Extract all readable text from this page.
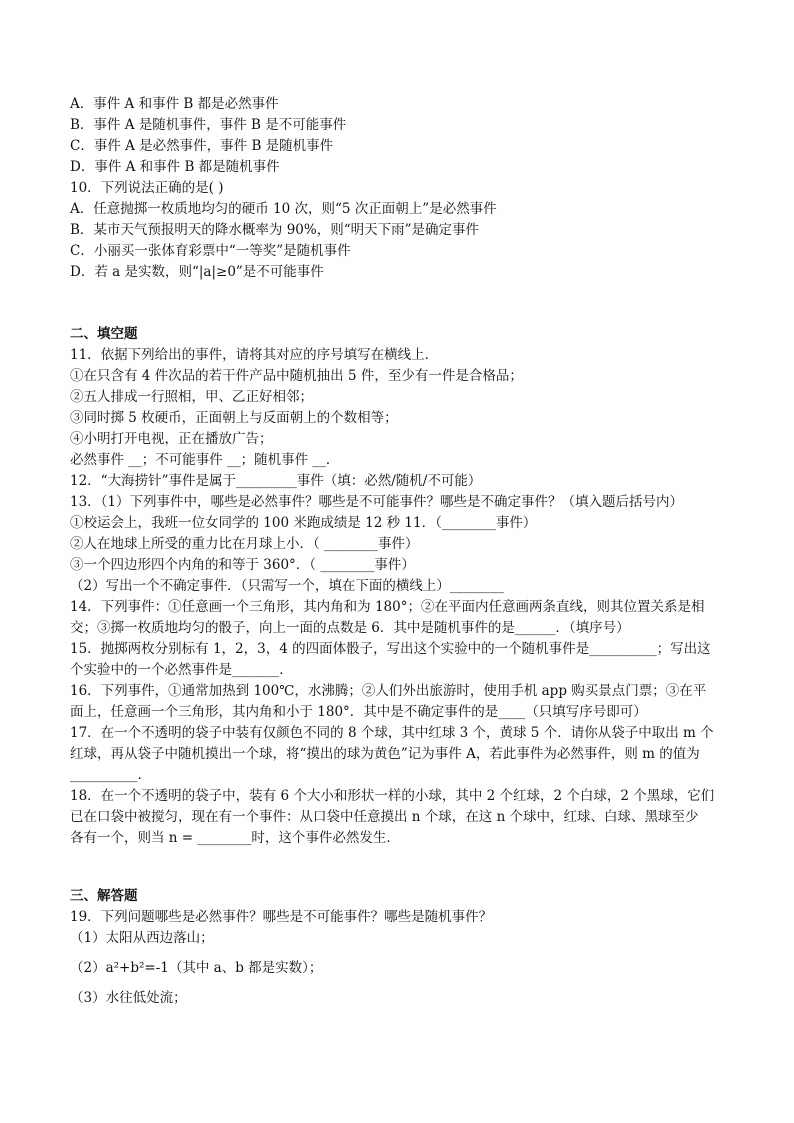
A．事件 A 和事件 B 都是必然事件
B．事件 A 是随机事件，事件 B 是不可能事件
C．事件 A 是必然事件，事件 B 是随机事件
D．事件 A 和事件 B 都是随机事件
10．下列说法正确的是( )
A．任意抛掷一枚质地均匀的硬币 10 次，则“5 次正面朝上”是必然事件
B．某市天气预报明天的降水概率为 90%，则“明天下雨”是确定事件
C．小丽买一张体育彩票中“一等奖”是随机事件
D．若 a 是实数，则“|a|≥0”是不可能事件
二、填空题
11．依据下列给出的事件，请将其对应的序号填写在横线上．
①在只含有 4 件次品的若干件产品中随机抽出 5 件，至少有一件是合格品；
②五人排成一行照相，甲、乙正好相邻；
③同时掷 5 枚硬币，正面朝上与反面朝上的个数相等；
④小明打开电视，正在播放广告；
必然事件 __；不可能事件 __；随机事件 __．
12．“大海捞针”事件是属于_________事件（填：必然/随机/不可能）
13．（1）下列事件中，哪些是必然事件？哪些是不可能事件？哪些是不确定事件？（填入题后括号内）
①校运会上，我班一位女同学的 100 米跑成绩是 12 秒 11．（________事件）
②人在地球上所受的重力比在月球上小．（ ________事件）
③一个四边形四个内角的和等于 360°．（ ________事件）
（2）写出一个不确定事件．（只需写一个，填在下面的横线上）________
14．下列事件：①任意画一个三角形，其内角和为 180°；②在平面内任意画两条直线，则其位置关系是相
交；③掷一枚质地均匀的骰子，向上一面的点数是 6．其中是随机事件的是______．（填序号）
15．抛掷两枚分别标有 1，2，3，4 的四面体骰子，写出这个实验中的一个随机事件是__________；写出这
个实验中的一个必然事件是_______．
16．下列事件，①通常加热到 100℃，水沸腾；②人们外出旅游时，使用手机 app 购买景点门票；③在平
面上，任意画一个三角形，其内角和小于 180°．其中是不确定事件的是____（只填写序号即可）
17．在一个不透明的袋子中装有仅颜色不同的 8 个球，其中红球 3 个，黄球 5 个．请你从袋子中取出 m 个
红球，再从袋子中随机摸出一个球，将“摸出的球为黄色”记为事件 A，若此事件为必然事件，则 m 的值为
__________．
18．在一个不透明的袋子中，装有 6 个大小和形状一样的小球，其中 2 个红球，2 个白球，2 个黑球，它们
已在口袋中被搅匀，现在有一个事件：从口袋中任意摸出 n 个球，在这 n 个球中，红球、白球、黑球至少
各有一个，则当 n = ________时，这个事件必然发生．
三、解答题
19．下列问题哪些是必然事件？哪些是不可能事件？哪些是随机事件？
（1）太阳从西边落山；
（2）a²+b²=-1（其中 a、b 都是实数）；
（3）水往低处流；
